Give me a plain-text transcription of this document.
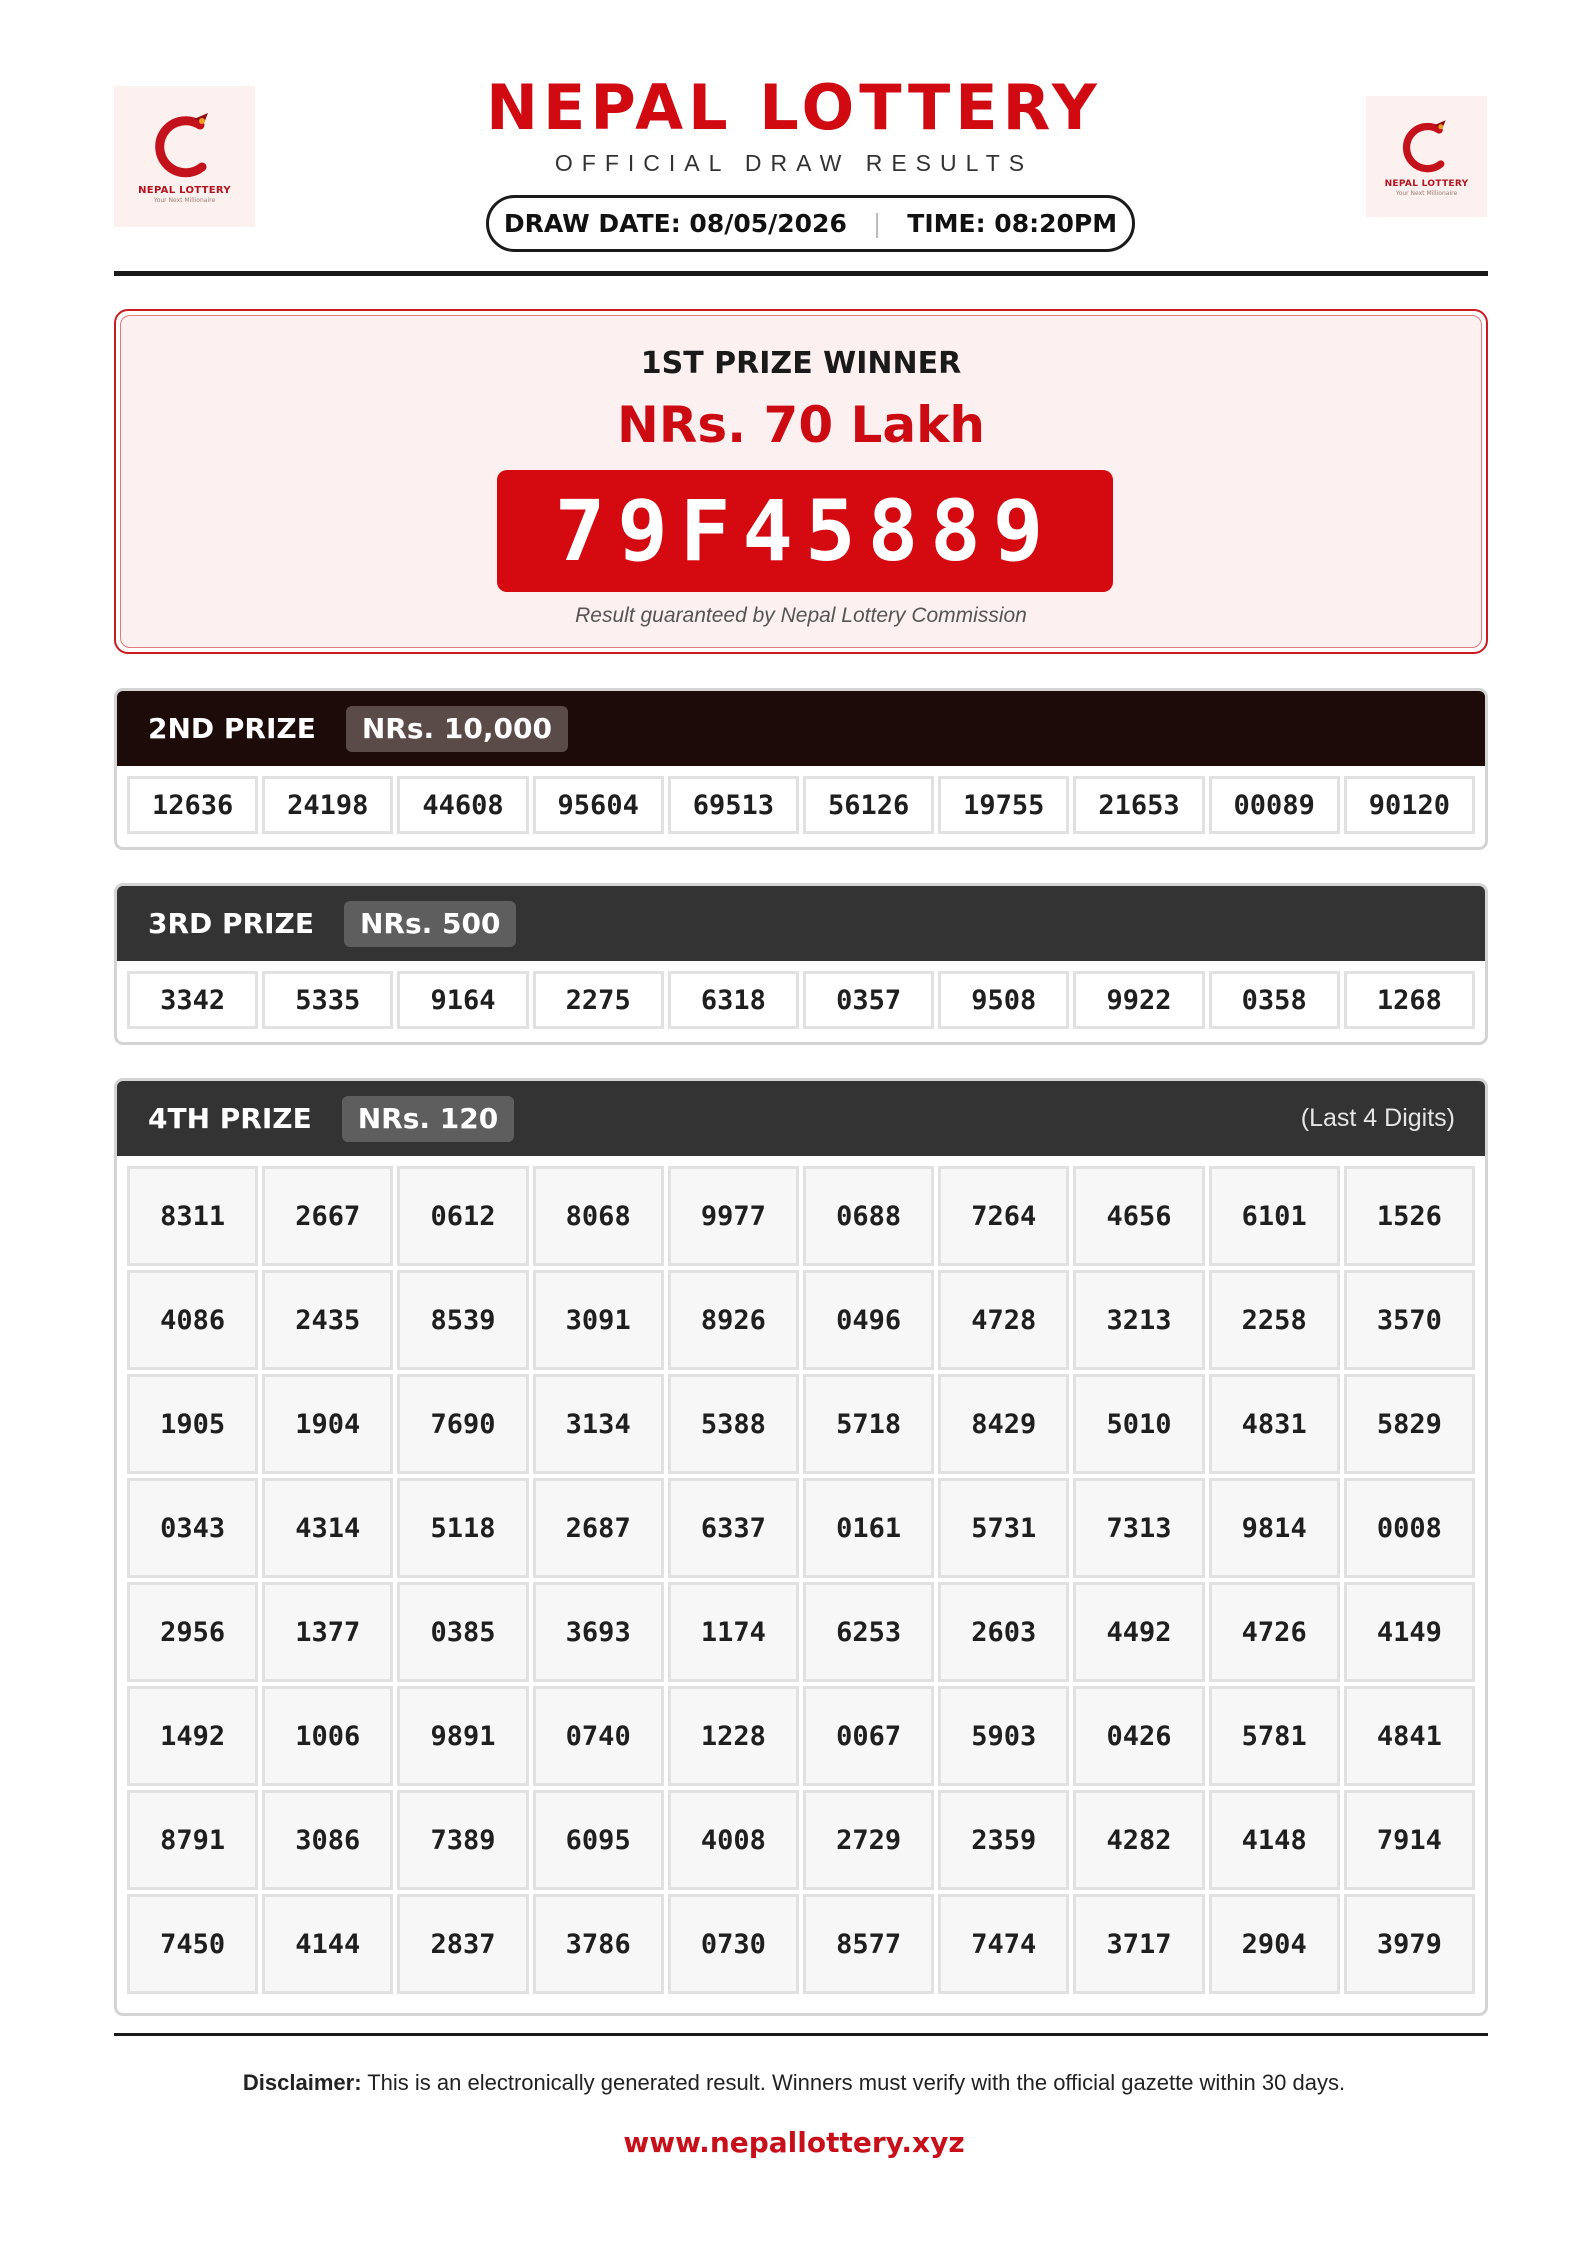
NEPAL LOTTERY
Your Next Millionaire
NEPAL LOTTERY
OFFICIAL DRAW RESULTS
DRAW DATE: 08/05/2026 | TIME: 08:20PM
NEPAL LOTTERY
Your Next Millionaire
1ST PRIZE WINNER
NRs. 70 Lakh
79F45889
Result guaranteed by Nepal Lottery Commission
2ND PRIZE	NRs. 10,000
12636	24198	44608	95604	69513	56126	19755	21653	00089	90120
3RD PRIZE	NRs. 500
3342	5335	9164	2275	6318	0357	9508	9922	0358	1268
4TH PRIZE	NRs. 120	(Last 4 Digits)
8311	2667	0612	8068	9977	0688	7264	4656	6101	1526
4086	2435	8539	3091	8926	0496	4728	3213	2258	3570
1905	1904	7690	3134	5388	5718	8429	5010	4831	5829
0343	4314	5118	2687	6337	0161	5731	7313	9814	0008
2956	1377	0385	3693	1174	6253	2603	4492	4726	4149
1492	1006	9891	0740	1228	0067	5903	0426	5781	4841
8791	3086	7389	6095	4008	2729	2359	4282	4148	7914
7450	4144	2837	3786	0730	8577	7474	3717	2904	3979
Disclaimer: This is an electronically generated result. Winners must verify with the official gazette within 30 days.
www.nepallottery.xyz
